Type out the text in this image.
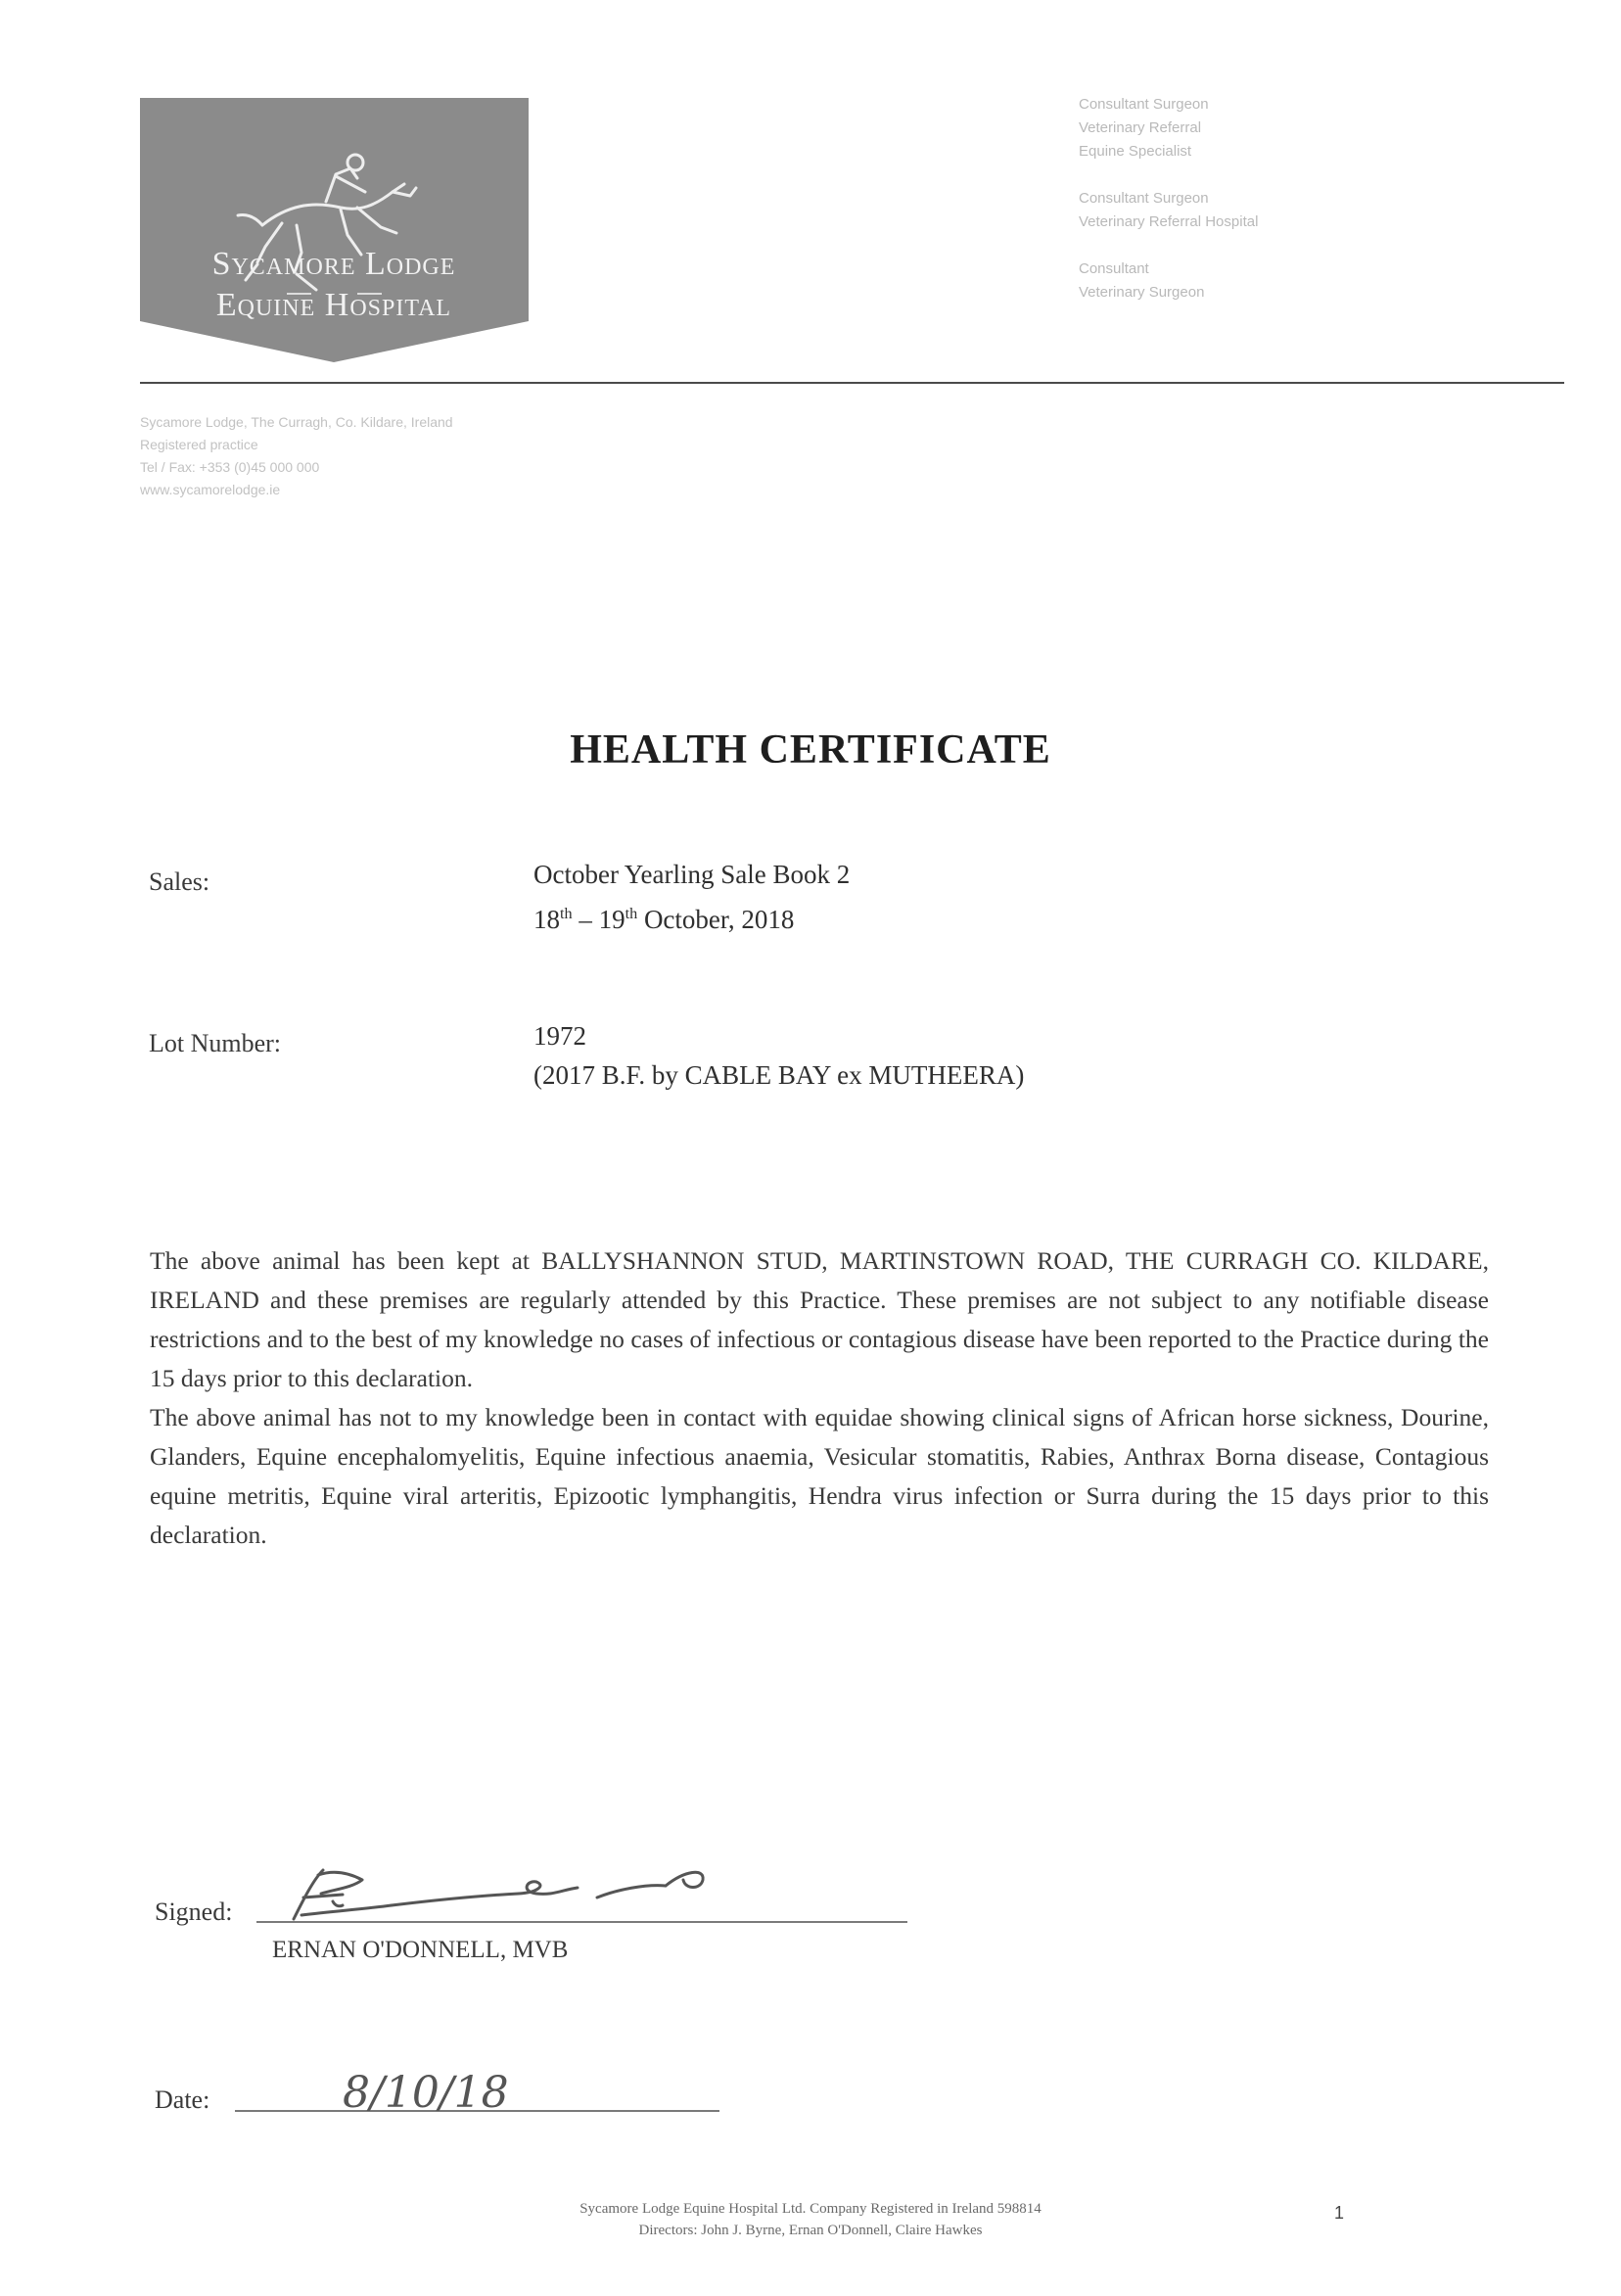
Sycamore Lodge
Equine Hospital
Consultant Surgeon
Veterinary Referral
Equine Specialist
Consultant Surgeon
Veterinary Referral Hospital
Consultant
Veterinary Surgeon
Sycamore Lodge, The Curragh, Co. Kildare, Ireland
Registered practice
Tel / Fax: +353 (0)45 000 000
www.sycamorelodge.ie
HEALTH CERTIFICATE
Sales:	October Yearling Sale Book 2
18th – 19th October, 2018
Lot Number:	1972
(2017 B.F. by CABLE BAY ex MUTHEERA)

The above animal has been kept at BALLYSHANNON STUD, MARTINSTOWN ROAD, THE CURRAGH CO. KILDARE, IRELAND and these premises are regularly attended by this Practice. These premises are not subject to any notifiable disease restrictions and to the best of my knowledge no cases of infectious or contagious disease have been reported to the Practice during the 15 days prior to this declaration.

The above animal has not to my knowledge been in contact with equidae showing clinical signs of African horse sickness, Dourine, Glanders, Equine encephalomyelitis, Equine infectious anaemia, Vesicular stomatitis, Rabies, Anthrax Borna disease, Contagious equine metritis, Equine viral arteritis, Epizootic lymphangitis, Hendra virus infection or Surra during the 15 days prior to this declaration.

Signed:
ERNAN O'DONNELL, MVB
Date:	8/10/18
Sycamore Lodge Equine Hospital Ltd. Company Registered in Ireland 598814
Directors: John J. Byrne, Ernan O'Donnell, Claire Hawkes
1
